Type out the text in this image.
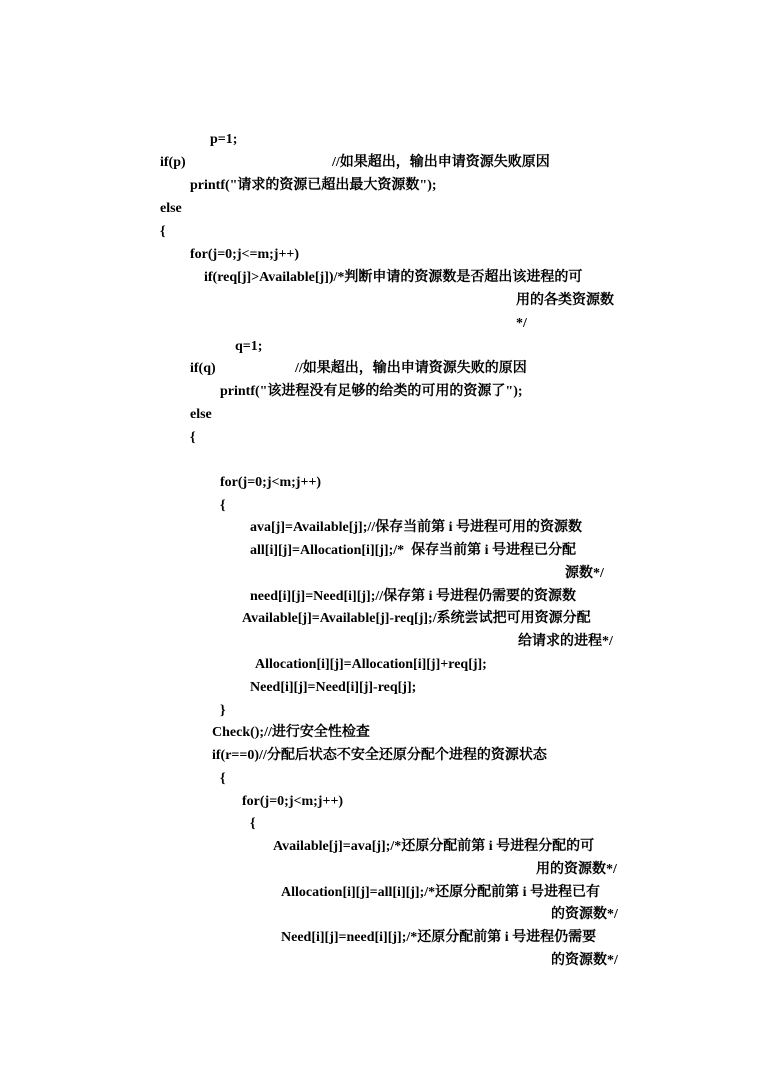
p=1;
if(p)	//如果超出，输出申请资源失败原因
printf("请求的资源已超出最大资源数");
else
{
for(j=0;j<=m;j++)
if(req[j]>Available[j])/*判断申请的资源数是否超出该进程的可
用的各类资源数
*/
q=1;
if(q)	//如果超出，输出申请资源失败的原因
printf("该进程没有足够的给类的可用的资源了");
else
{
for(j=0;j<m;j++)
{
ava[j]=Available[j];//保存当前第 i 号进程可用的资源数
all[i][j]=Allocation[i][j];/*  保存当前第 i 号进程已分配
源数*/
need[i][j]=Need[i][j];//保存第 i 号进程仍需要的资源数
Available[j]=Available[j]-req[j];/系统尝试把可用资源分配
给请求的进程*/
Allocation[i][j]=Allocation[i][j]+req[j];
Need[i][j]=Need[i][j]-req[j];
}
Check();//进行安全性检查
if(r==0)//分配后状态不安全还原分配个进程的资源状态
{
for(j=0;j<m;j++)
{
Available[j]=ava[j];/*还原分配前第 i 号进程分配的可
用的资源数*/
Allocation[i][j]=all[i][j];/*还原分配前第 i 号进程已有
的资源数*/
Need[i][j]=need[i][j];/*还原分配前第 i 号进程仍需要
的资源数*/
